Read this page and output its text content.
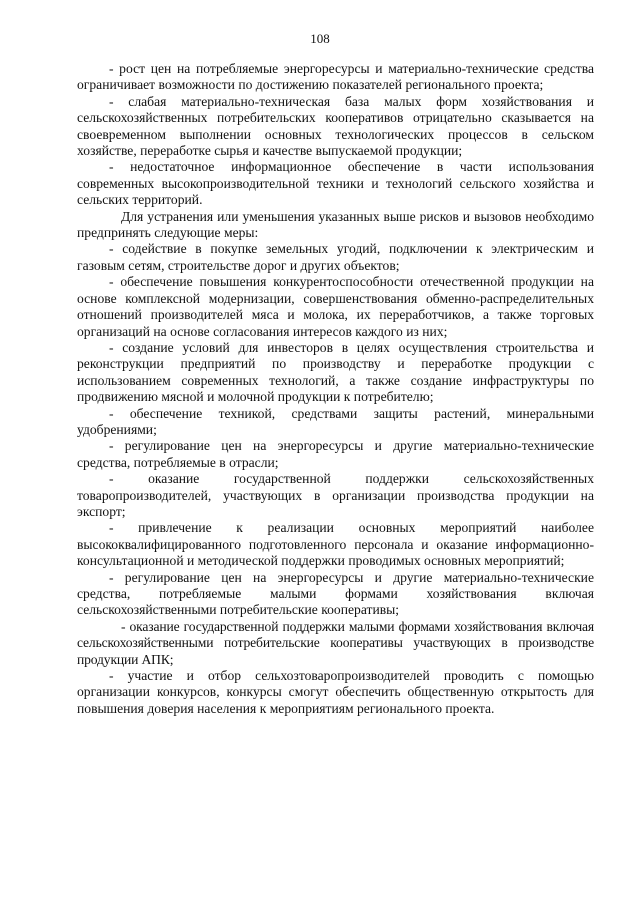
108

- рост цен на потребляемые энергоресурсы и материально-технические средства ограничивает возможности по достижению показателей регионального проекта;

- слабая материально-техническая база малых форм хозяйствования и сельскохозяйственных потребительских кооперативов отрицательно сказывается на своевременном выполнении основных технологических процессов в сельском хозяйстве, переработке сырья и качестве выпускаемой продукции;

- недостаточное информационное обеспечение в части использования современных высокопроизводительной техники и технологий сельского хозяйства и сельских территорий.

Для устранения или уменьшения указанных выше рисков и вызовов необходимо предпринять следующие меры:

- содействие в покупке земельных угодий, подключении к электрическим и газовым сетям, строительстве дорог и других объектов;

- обеспечение повышения конкурентоспособности отечественной продукции на основе комплексной модернизации, совершенствования обменно-распределительных отношений производителей мяса и молока, их переработчиков, а также торговых организаций на основе согласования интересов каждого из них;

- создание условий для инвесторов в целях осуществления строительства и реконструкции предприятий по производству и переработке продукции с использованием современных технологий, а также создание инфраструктуры по продвижению мясной и молочной продукции к потребителю;

- обеспечение техникой, средствами защиты растений, минеральными удобрениями;

- регулирование цен на энергоресурсы и другие материально-технические средства, потребляемые в отрасли;

- оказание государственной поддержки сельскохозяйственных товаропроизводителей, участвующих в организации производства продукции на экспорт;

- привлечение к реализации основных мероприятий наиболее высококвалифицированного подготовленного персонала и оказание информационно-консультационной и методической поддержки проводимых основных мероприятий;

- регулирование цен на энергоресурсы и другие материально-технические средства, потребляемые малыми формами хозяйствования включая сельскохозяйственными потребительские кооперативы;

- оказание государственной поддержки малыми формами хозяйствования включая сельскохозяйственными потребительские кооперативы участвующих в производстве продукции АПК;

- участие и отбор сельхозтоваропроизводителей проводить с помощью организации конкурсов, конкурсы смогут обеспечить общественную открытость для повышения доверия населения к мероприятиям регионального проекта.
